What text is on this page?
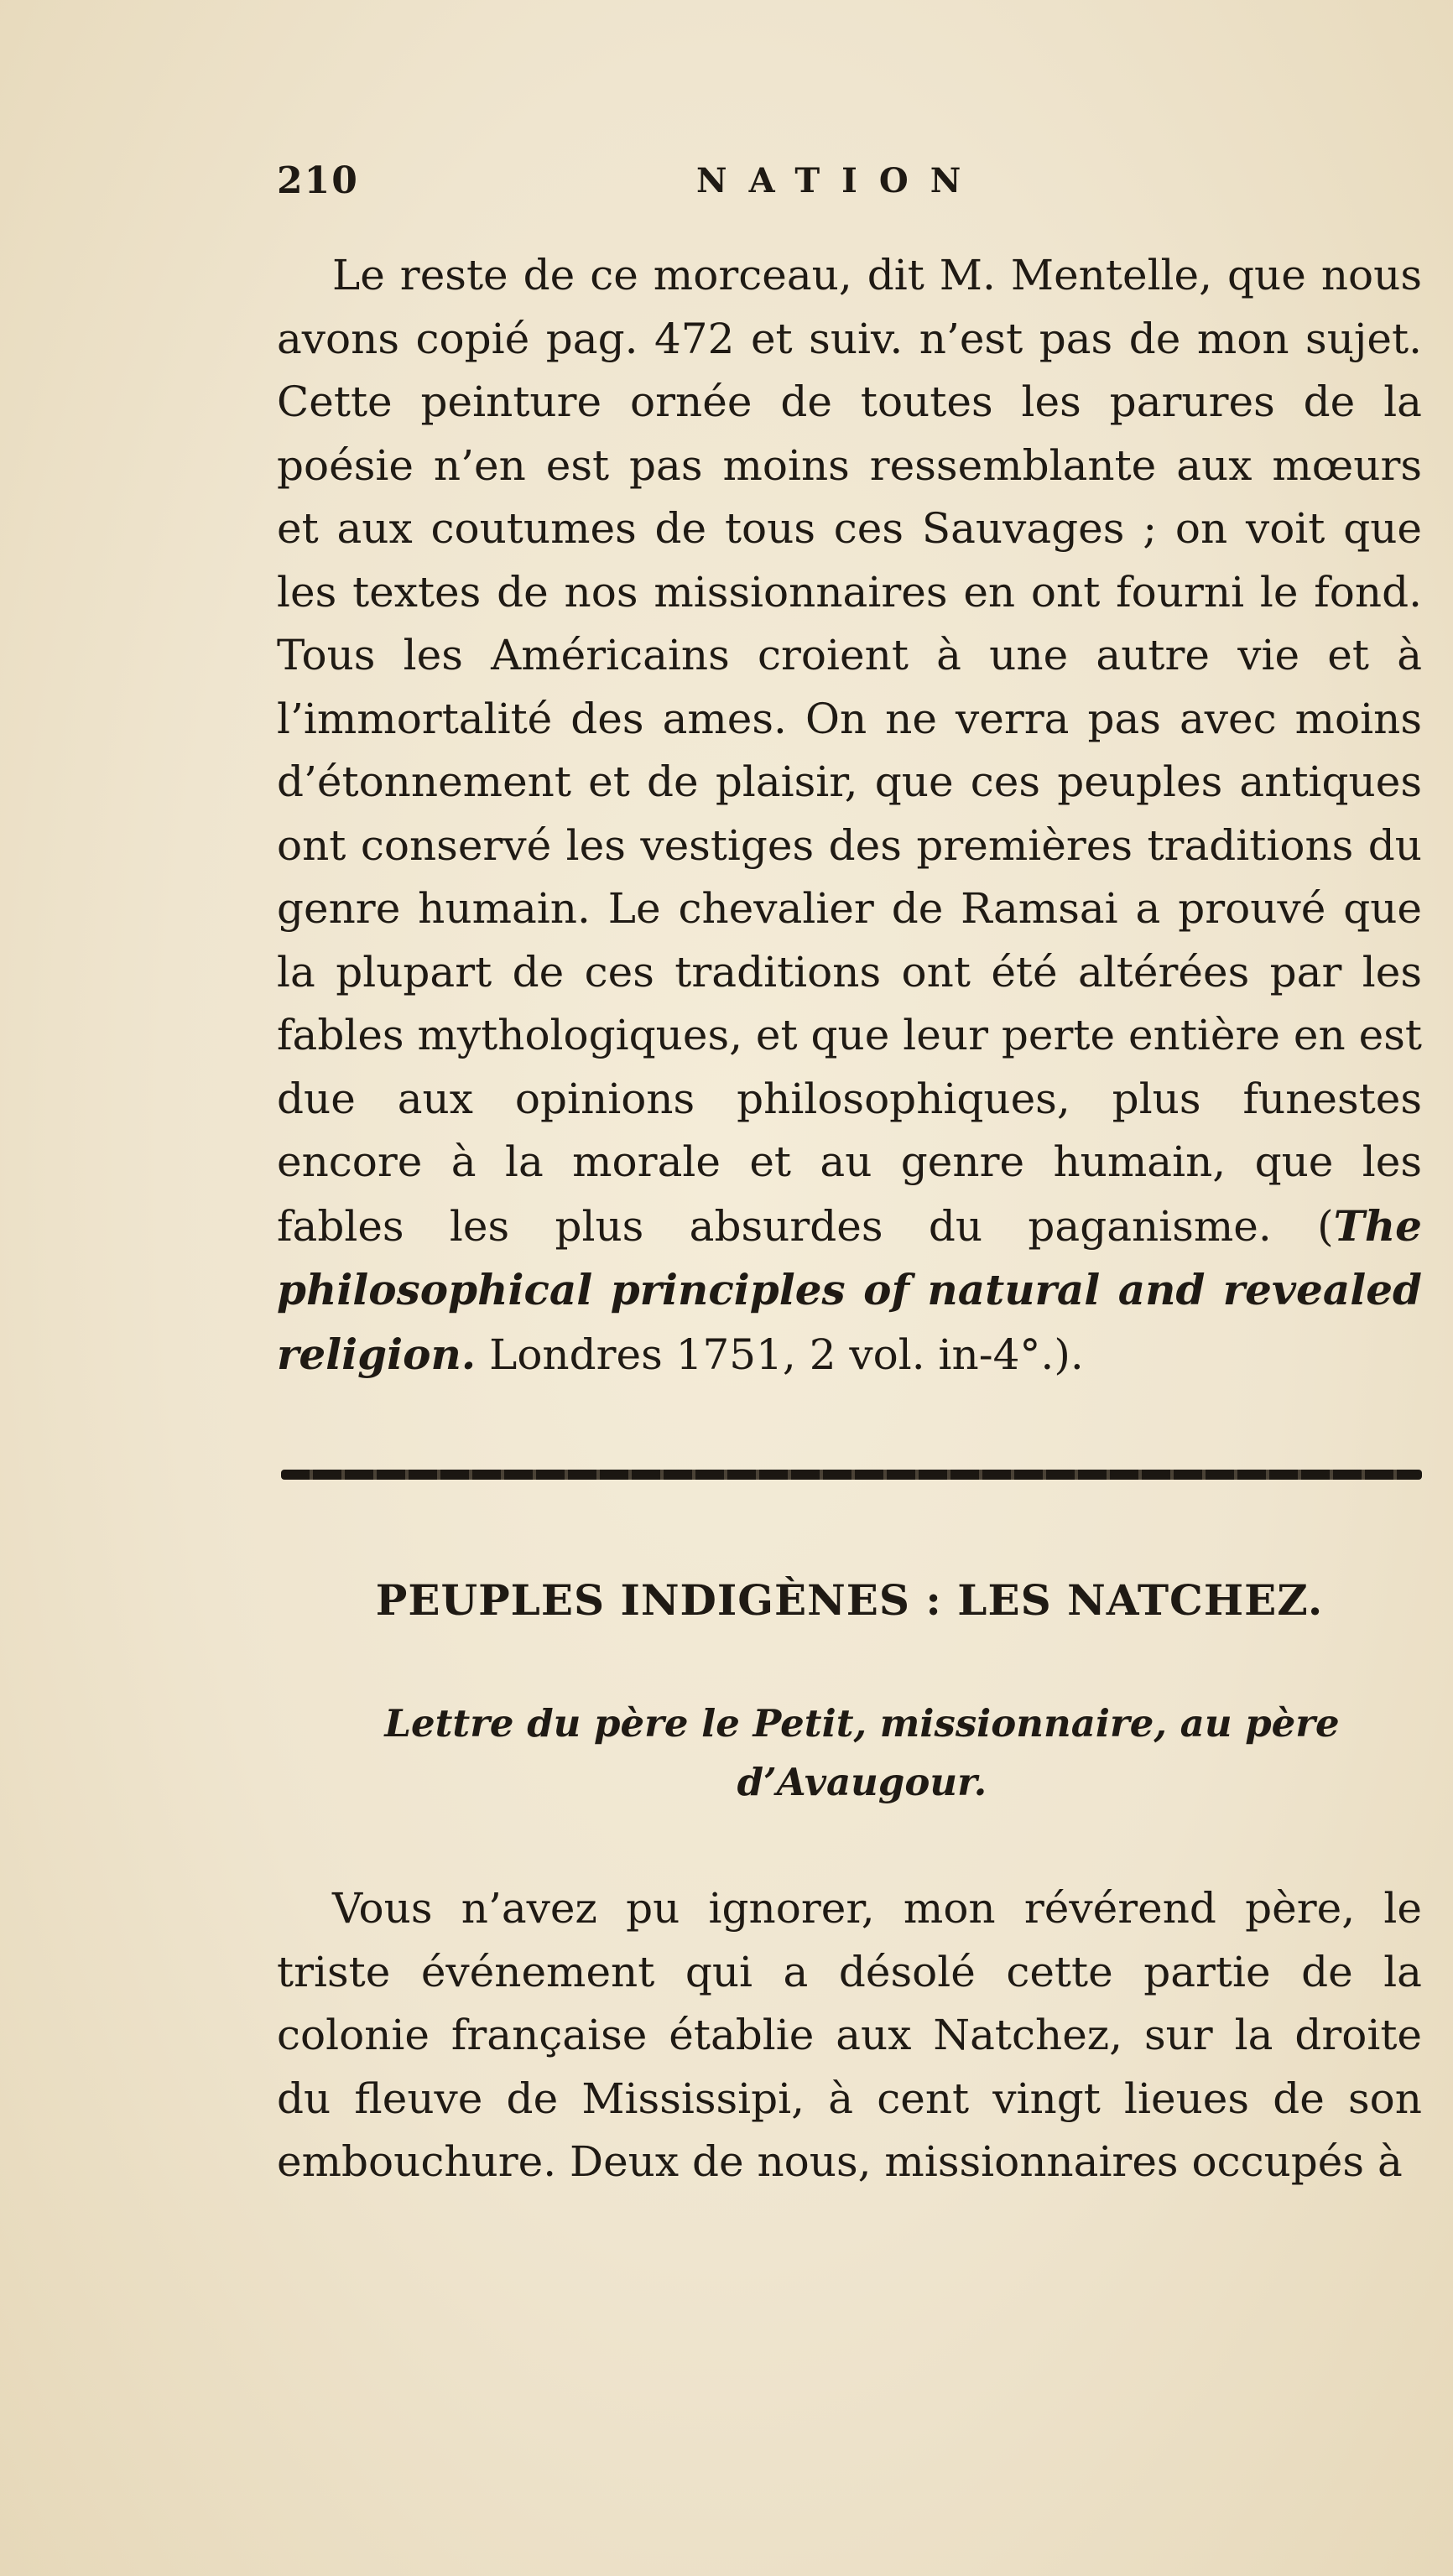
210	NATION

Le reste de ce morceau, dit M. Mentelle, que nous avons copié pag. 472 et suiv. n’est pas de mon sujet. Cette peinture ornée de toutes les parures de la poésie n’en est pas moins ressemblante aux mœurs et aux coutumes de tous ces Sauvages ; on voit que les textes de nos missionnaires en ont fourni le fond. Tous les Américains croient à une autre vie et à l’immortalité des ames. On ne verra pas avec moins d’étonnement et de plaisir, que ces peuples antiques ont conservé les vestiges des premières traditions du genre humain. Le chevalier de Ramsai a prouvé que la plupart de ces traditions ont été altérées par les fables mythologiques, et que leur perte entière en est due aux opinions philosophiques, plus funestes encore à la morale et au genre humain, que les fables les plus absurdes du paganisme. (The philosophical principles of natural and revealed religion. Londres 1751, 2 vol. in-4°.).

PEUPLES INDIGÈNES : LES NATCHEZ.

Lettre du père le Petit, missionnaire, au père
d’Avaugour.

Vous n’avez pu ignorer, mon révérend père, le triste événement qui a désolé cette partie de la colonie française établie aux Natchez, sur la droite du fleuve de Mississipi, à cent vingt lieues de son embouchure. Deux de nous, missionnaires occupés à
